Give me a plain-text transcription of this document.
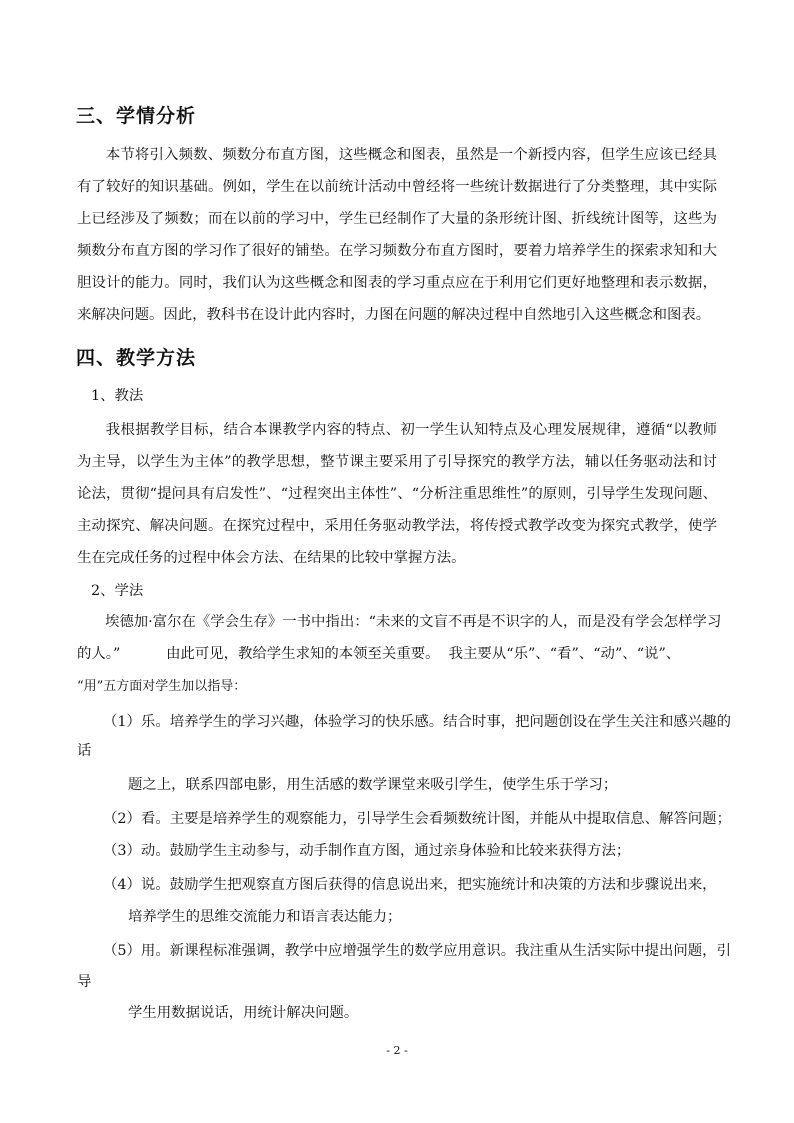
三、学情分析

本节将引入频数、频数分布直方图，这些概念和图表，虽然是一个新授内容，但学生应该已经具有了较好的知识基础。例如，学生在以前统计活动中曾经将一些统计数据进行了分类整理，其中实际上已经涉及了频数；而在以前的学习中，学生已经制作了大量的条形统计图、折线统计图等，这些为频数分布直方图的学习作了很好的铺垫。在学习频数分布直方图时，要着力培养学生的探索求知和大胆设计的能力。同时，我们认为这些概念和图表的学习重点应在于利用它们更好地整理和表示数据，来解决问题。因此，教科书在设计此内容时，力图在问题的解决过程中自然地引入这些概念和图表。

四、教学方法
1、教法

我根据教学目标，结合本课教学内容的特点、初一学生认知特点及心理发展规律，遵循“以教师为主导，以学生为主体”的教学思想，整节课主要采用了引导探究的教学方法，辅以任务驱动法和讨论法，贯彻“提问具有启发性”、“过程突出主体性”、“分析注重思维性”的原则，引导学生发现问题、主动探究、解决问题。在探究过程中，采用任务驱动教学法，将传授式教学改变为探究式教学，使学生在完成任务的过程中体会方法、在结果的比较中掌握方法。

2、学法
埃德加·富尔在《学会生存》一书中指出：“未来的文盲不再是不识字的人，而是没有学会怎样学习
的人。”          由此可见，教给学生求知的本领至关重要。  我主要从“乐”、“看”、“动”、“说”、
“用”五方面对学生加以指导：
（1）乐。培养学生的学习兴趣，体验学习的快乐感。结合时事，把问题创设在学生关注和感兴趣的
话
题之上，联系四部电影，用生活感的数学课堂来吸引学生，使学生乐于学习；
（2）看。主要是培养学生的观察能力，引导学生会看频数统计图，并能从中提取信息、解答问题；
（3）动。鼓励学生主动参与，动手制作直方图，通过亲身体验和比较来获得方法；
（4）说。鼓励学生把观察直方图后获得的信息说出来，把实施统计和决策的方法和步骤说出来，
培养学生的思维交流能力和语言表达能力；
（5）用。新课程标准强调，教学中应增强学生的数学应用意识。我注重从生活实际中提出问题，引
导
学生用数据说话，用统计解决问题。
- 2 -
